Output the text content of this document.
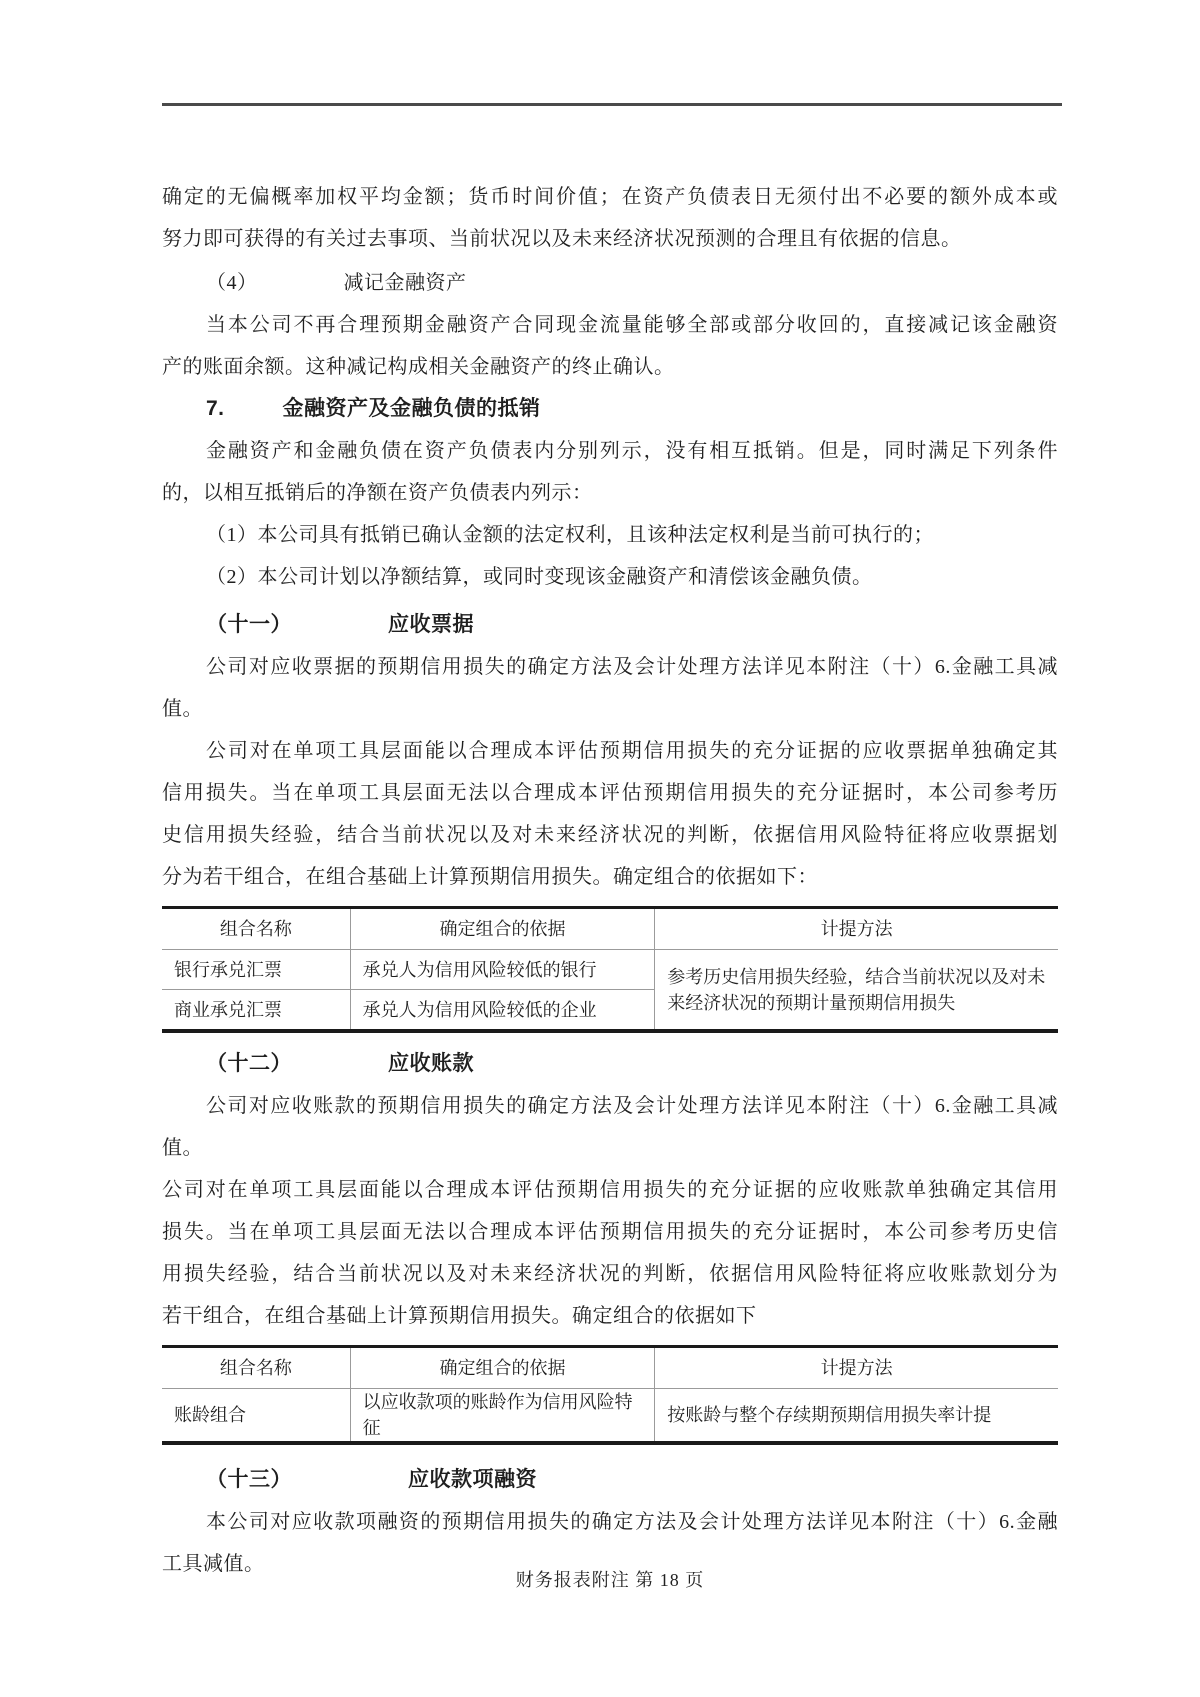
确定的无偏概率加权平均金额；货币时间价值；在资产负债表日无须付出不必要的额外成本或
努力即可获得的有关过去事项、当前状况以及未来经济状况预测的合理且有依据的信息。
（4）	减记金融资产
当本公司不再合理预期金融资产合同现金流量能够全部或部分收回的，直接减记该金融资
产的账面余额。这种减记构成相关金融资产的终止确认。
7.	金融资产及金融负债的抵销
金融资产和金融负债在资产负债表内分别列示，没有相互抵销。但是，同时满足下列条件
的，以相互抵销后的净额在资产负债表内列示：
（1）本公司具有抵销已确认金额的法定权利，且该种法定权利是当前可执行的；
（2）本公司计划以净额结算，或同时变现该金融资产和清偿该金融负债。
（十一）	应收票据
公司对应收票据的预期信用损失的确定方法及会计处理方法详见本附注（十）6.金融工具减
值。
公司对在单项工具层面能以合理成本评估预期信用损失的充分证据的应收票据单独确定其
信用损失。当在单项工具层面无法以合理成本评估预期信用损失的充分证据时，本公司参考历
史信用损失经验，结合当前状况以及对未来经济状况的判断，依据信用风险特征将应收票据划
分为若干组合，在组合基础上计算预期信用损失。确定组合的依据如下：
组合名称	确定组合的依据	计提方法
银行承兑汇票	承兑人为信用风险较低的银行	参考历史信用损失经验，结合当前状况以及对未来经济状况的预期计量预期信用损失
商业承兑汇票	承兑人为信用风险较低的企业	
（十二）	应收账款
公司对应收账款的预期信用损失的确定方法及会计处理方法详见本附注（十）6.金融工具减
值。
公司对在单项工具层面能以合理成本评估预期信用损失的充分证据的应收账款单独确定其信用
损失。当在单项工具层面无法以合理成本评估预期信用损失的充分证据时，本公司参考历史信
用损失经验，结合当前状况以及对未来经济状况的判断，依据信用风险特征将应收账款划分为
若干组合，在组合基础上计算预期信用损失。确定组合的依据如下
组合名称	确定组合的依据	计提方法
账龄组合	以应收款项的账龄作为信用风险特征	按账龄与整个存续期预期信用损失率计提
（十三）	应收款项融资
本公司对应收款项融资的预期信用损失的确定方法及会计处理方法详见本附注（十）6.金融
工具减值。
财务报表附注 第 18 页
